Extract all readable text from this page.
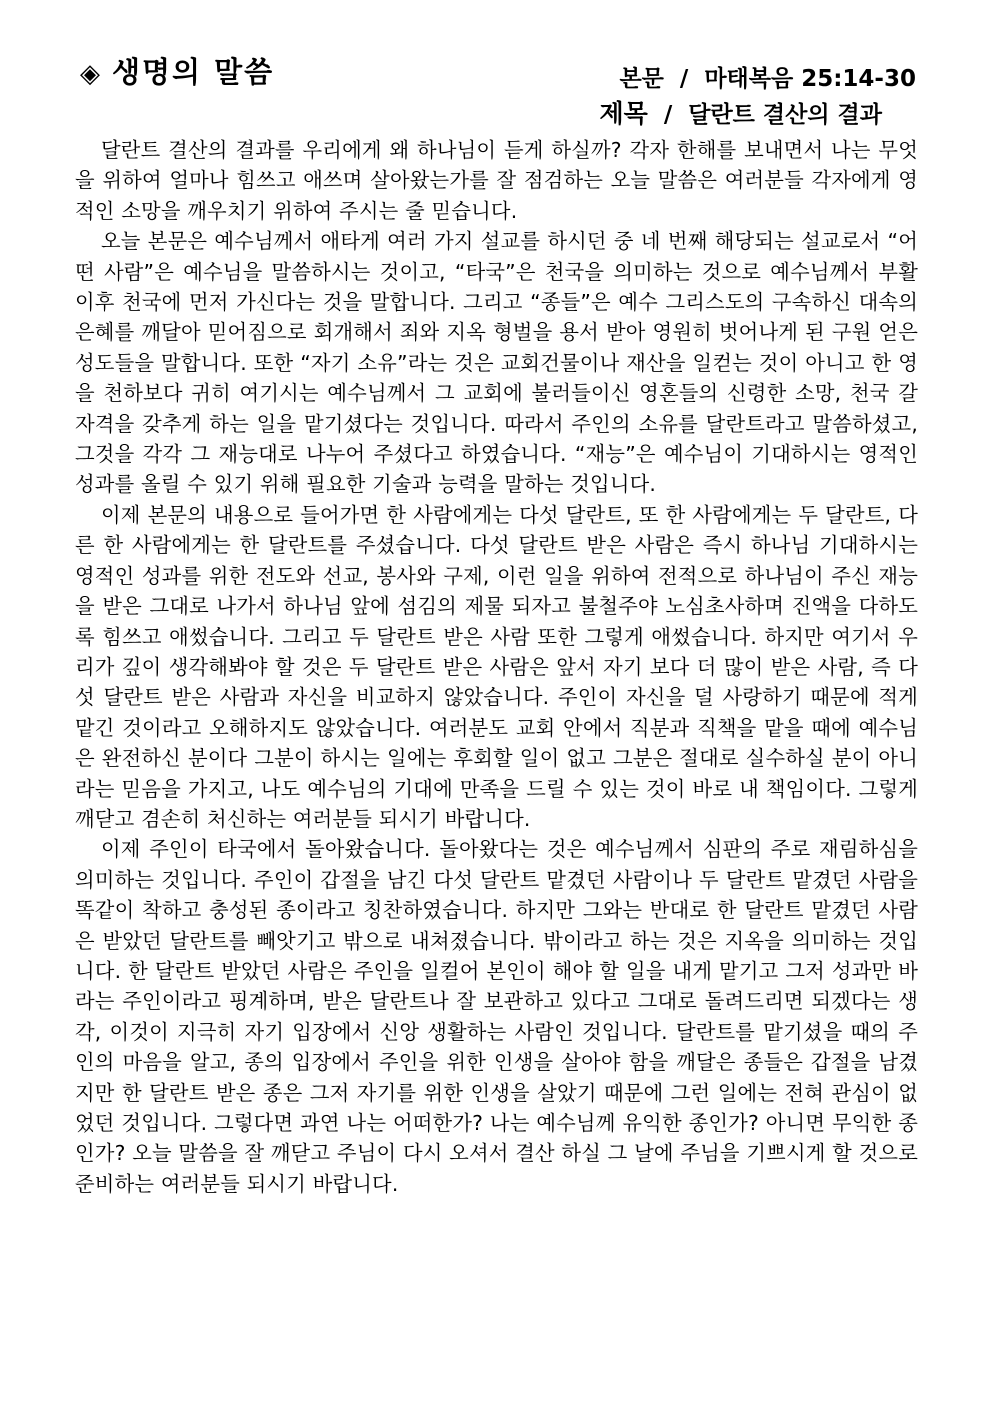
◈ 생명의 말씀	본문 / 마태복음 25:14-30
제목 / 달란트 결산의 결과

달란트 결산의 결과를 우리에게 왜 하나님이 듣게 하실까? 각자 한해를 보내면서 나는 무엇을 위하여 얼마나 힘쓰고 애쓰며 살아왔는가를 잘 점검하는 오늘 말씀은 여러분들 각자에게 영적인 소망을 깨우치기 위하여 주시는 줄 믿습니다.

오늘 본문은 예수님께서 애타게 여러 가지 설교를 하시던 중 네 번째 해당되는 설교로서 “어떤 사람”은 예수님을 말씀하시는 것이고, “타국”은 천국을 의미하는 것으로 예수님께서 부활 이후 천국에 먼저 가신다는 것을 말합니다. 그리고 “종들”은 예수 그리스도의 구속하신 대속의 은혜를 깨달아 믿어짐으로 회개해서 죄와 지옥 형벌을 용서 받아 영원히 벗어나게 된 구원 얻은 성도들을 말합니다. 또한 “자기 소유”라는 것은 교회건물이나 재산을 일컫는 것이 아니고 한 영을 천하보다 귀히 여기시는 예수님께서 그 교회에 불러들이신 영혼들의 신령한 소망, 천국 갈 자격을 갖추게 하는 일을 맡기셨다는 것입니다. 따라서 주인의 소유를 달란트라고 말씀하셨고, 그것을 각각 그 재능대로 나누어 주셨다고 하였습니다. “재능”은 예수님이 기대하시는 영적인 성과를 올릴 수 있기 위해 필요한 기술과 능력을 말하는 것입니다.

이제 본문의 내용으로 들어가면 한 사람에게는 다섯 달란트, 또 한 사람에게는 두 달란트, 다른 한 사람에게는 한 달란트를 주셨습니다. 다섯 달란트 받은 사람은 즉시 하나님 기대하시는 영적인 성과를 위한 전도와 선교, 봉사와 구제, 이런 일을 위하여 전적으로 하나님이 주신 재능을 받은 그대로 나가서 하나님 앞에 섬김의 제물 되자고 불철주야 노심초사하며 진액을 다하도록 힘쓰고 애썼습니다. 그리고 두 달란트 받은 사람 또한 그렇게 애썼습니다. 하지만 여기서 우리가 깊이 생각해봐야 할 것은 두 달란트 받은 사람은 앞서 자기 보다 더 많이 받은 사람, 즉 다섯 달란트 받은 사람과 자신을 비교하지 않았습니다. 주인이 자신을 덜 사랑하기 때문에 적게 맡긴 것이라고 오해하지도 않았습니다. 여러분도 교회 안에서 직분과 직책을 맡을 때에 예수님은 완전하신 분이다 그분이 하시는 일에는 후회할 일이 없고 그분은 절대로 실수하실 분이 아니라는 믿음을 가지고, 나도 예수님의 기대에 만족을 드릴 수 있는 것이 바로 내 책임이다. 그렇게 깨닫고 겸손히 처신하는 여러분들 되시기 바랍니다.

이제 주인이 타국에서 돌아왔습니다. 돌아왔다는 것은 예수님께서 심판의 주로 재림하심을 의미하는 것입니다. 주인이 갑절을 남긴 다섯 달란트 맡겼던 사람이나 두 달란트 맡겼던 사람을 똑같이 착하고 충성된 종이라고 칭찬하였습니다. 하지만 그와는 반대로 한 달란트 맡겼던 사람은 받았던 달란트를 빼앗기고 밖으로 내쳐졌습니다. 밖이라고 하는 것은 지옥을 의미하는 것입니다. 한 달란트 받았던 사람은 주인을 일컬어 본인이 해야 할 일을 내게 맡기고 그저 성과만 바라는 주인이라고 핑계하며, 받은 달란트나 잘 보관하고 있다고 그대로 돌려드리면 되겠다는 생각, 이것이 지극히 자기 입장에서 신앙 생활하는 사람인 것입니다. 달란트를 맡기셨을 때의 주인의 마음을 알고, 종의 입장에서 주인을 위한 인생을 살아야 함을 깨달은 종들은 갑절을 남겼지만 한 달란트 받은 종은 그저 자기를 위한 인생을 살았기 때문에 그런 일에는 전혀 관심이 없었던 것입니다. 그렇다면 과연 나는 어떠한가? 나는 예수님께 유익한 종인가? 아니면 무익한 종인가? 오늘 말씀을 잘 깨닫고 주님이 다시 오셔서 결산 하실 그 날에 주님을 기쁘시게 할 것으로 준비하는 여러분들 되시기 바랍니다.
